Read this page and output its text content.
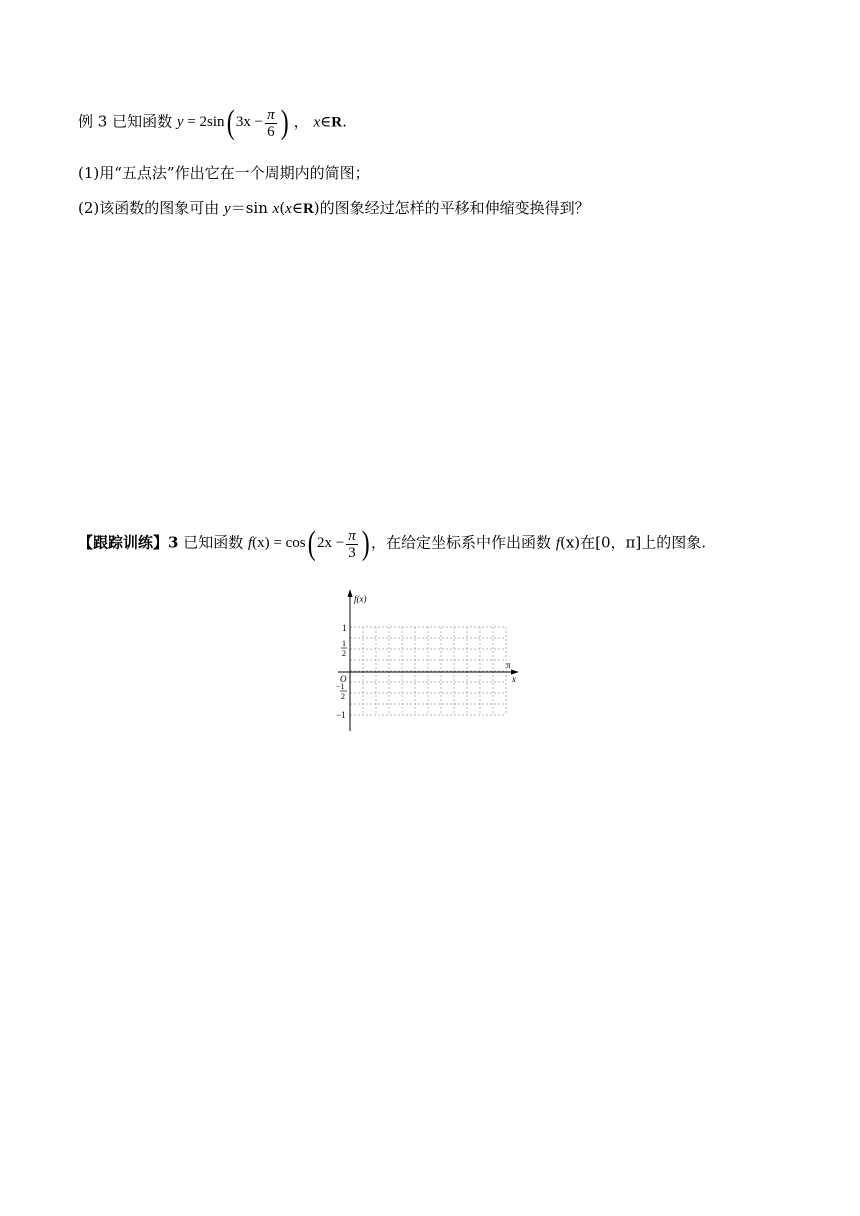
例 3 已知函数 y = 2sin( $3x - \frac{\pi}{6}$ ) ， x∈R.
(1)用“五点法”作出它在一个周期内的简图；
(2)该函数的图象可由 y＝sin x(x∈R)的图象经过怎样的平移和伸缩变换得到？
【跟踪训练】3 已知函数 f(x) = cos( $2x - \frac{\pi}{3}$ ) ，在给定坐标系中作出函数 f(x)在[0，π]上的图象.
f(x)
x
π
O
1
1
2
−1
2
−1
